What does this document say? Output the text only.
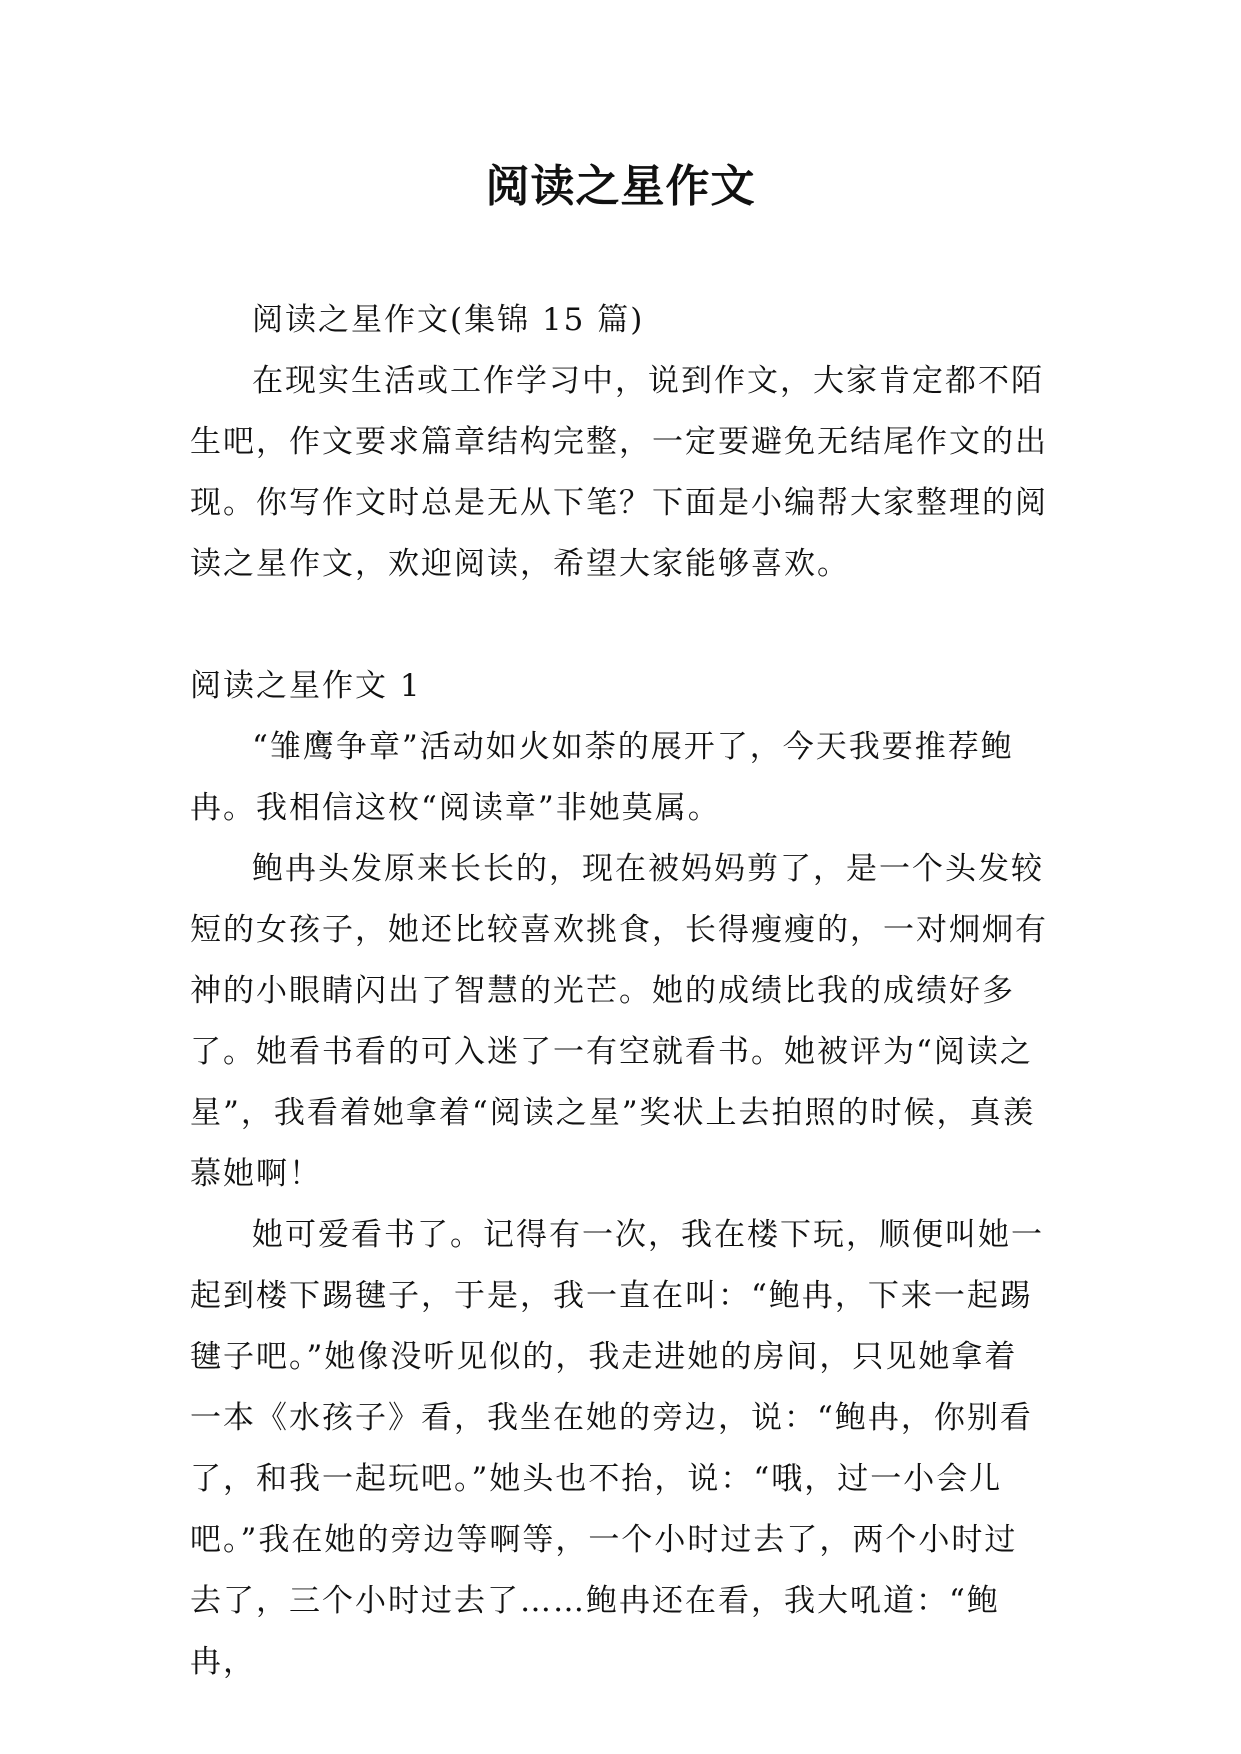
阅读之星作文

阅读之星作文(集锦 15 篇)

在现实生活或工作学习中，说到作文，大家肯定都不陌生吧，作文要求篇章结构完整，一定要避免无结尾作文的出现。你写作文时总是无从下笔？下面是小编帮大家整理的阅读之星作文，欢迎阅读，希望大家能够喜欢。

阅读之星作文 1

“雏鹰争章”活动如火如荼的展开了，今天我要推荐鲍冉。我相信这枚“阅读章”非她莫属。

鲍冉头发原来长长的，现在被妈妈剪了，是一个头发较短的女孩子，她还比较喜欢挑食，长得瘦瘦的，一对炯炯有神的小眼睛闪出了智慧的光芒。她的成绩比我的成绩好多了。她看书看的可入迷了一有空就看书。她被评为“阅读之星”，我看着她拿着“阅读之星”奖状上去拍照的时候，真羡慕她啊！

她可爱看书了。记得有一次，我在楼下玩，顺便叫她一起到楼下踢毽子，于是，我一直在叫：“鲍冉，下来一起踢毽子吧。”她像没听见似的，我走进她的房间，只见她拿着一本《水孩子》看，我坐在她的旁边，说：“鲍冉，你别看了，和我一起玩吧。”她头也不抬，说：“哦，过一小会儿吧。”我在她的旁边等啊等，一个小时过去了，两个小时过去了，三个小时过去了……鲍冉还在看，我大吼道：“鲍冉，
